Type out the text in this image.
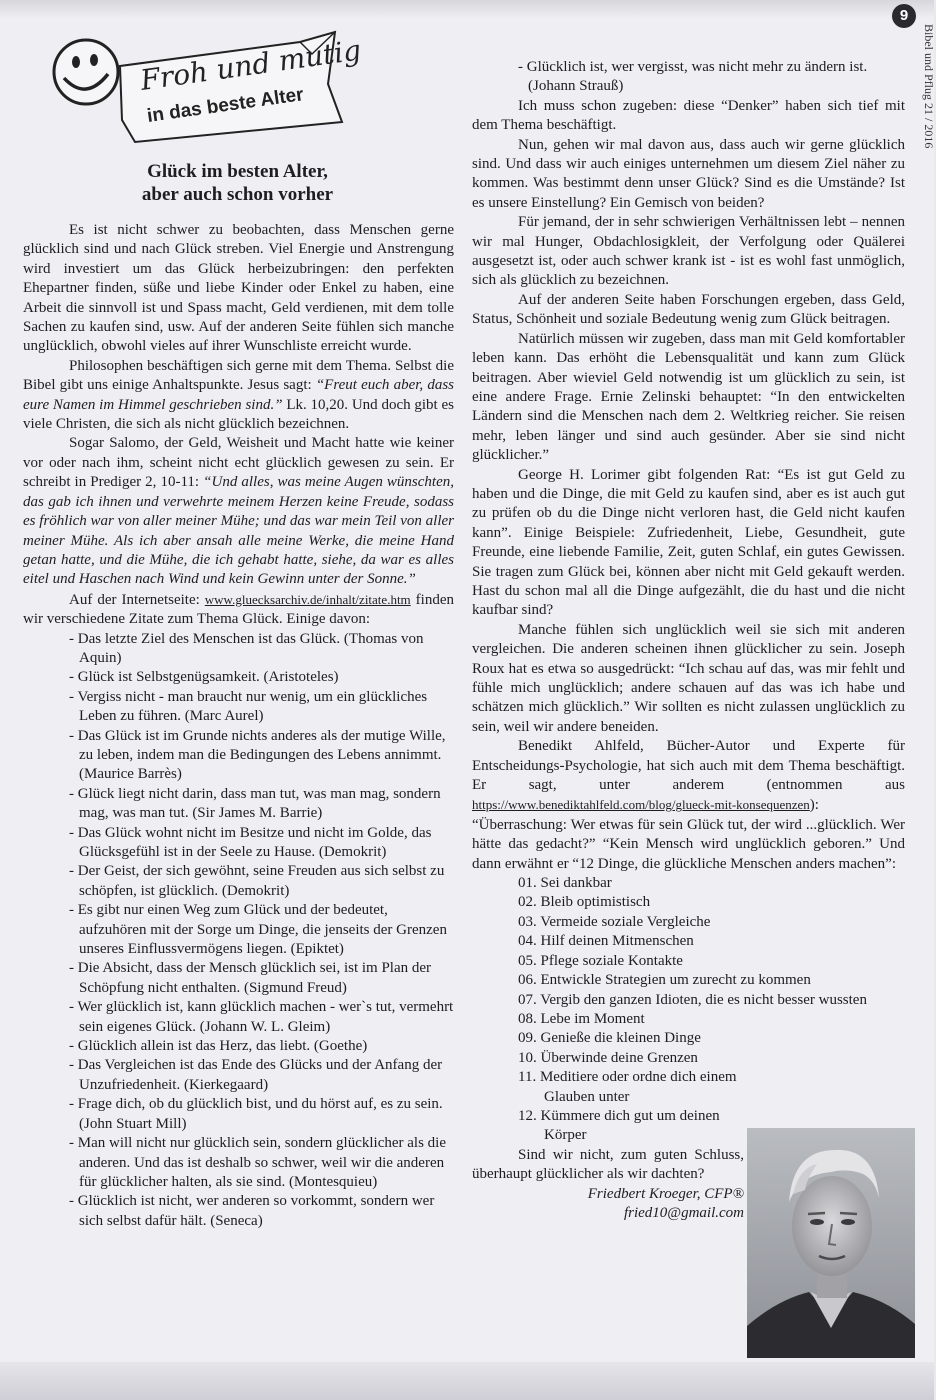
9
Bibel und Pflug 21 / 2016
Froh und mutig
in das beste Alter
Glück im besten Alter,
aber auch schon vorher

Es ist nicht schwer zu beobachten, dass Menschen gerne glücklich sind und nach Glück streben. Viel Energie und Anstrengung wird investiert um das Glück herbeizubringen: den perfekten Ehepartner finden, süße und liebe Kinder oder Enkel zu haben, eine Arbeit die sinnvoll ist und Spass macht, Geld verdienen, mit dem tolle Sachen zu kaufen sind, usw. Auf der anderen Seite fühlen sich manche unglücklich, obwohl vieles auf ihrer Wunschliste erreicht wurde.

Philosophen beschäftigen sich gerne mit dem Thema. Selbst die Bibel gibt uns einige Anhaltspunkte. Jesus sagt: “Freut euch aber, dass eure Namen im Himmel geschrieben sind.” Lk. 10,20. Und doch gibt es viele Christen, die sich als nicht glücklich bezeichnen.

Sogar Salomo, der Geld, Weisheit und Macht hatte wie keiner vor oder nach ihm, scheint nicht echt glücklich gewesen zu sein. Er schreibt in Prediger 2, 10-11: “Und alles, was meine Augen wünschten, das gab ich ihnen und verwehrte meinem Herzen keine Freude, sodass es fröhlich war von aller meiner Mühe; und das war mein Teil von aller meiner Mühe. Als ich aber ansah alle meine Werke, die meine Hand getan hatte, und die Mühe, die ich gehabt hatte, siehe, da war es alles eitel und Haschen nach Wind und kein Gewinn unter der Sonne.”

Auf der Internetseite: www.gluecksarchiv.de/inhalt/zitate.htm finden wir verschiedene Zitate zum Thema Glück. Einige davon:

- Das letzte Ziel des Menschen ist das Glück. (Thomas von Aquin)
- Glück ist Selbstgenügsamkeit. (Aristoteles)
- Vergiss nicht - man braucht nur wenig, um ein glückliches Leben zu führen. (Marc Aurel)
- Das Glück ist im Grunde nichts anderes als der mutige Wille, zu leben, indem man die Bedingungen des Lebens annimmt. (Maurice Barrès)
- Glück liegt nicht darin, dass man tut, was man mag, sondern mag, was man tut. (Sir James M. Barrie)
- Das Glück wohnt nicht im Besitze und nicht im Golde, das Glücksgefühl ist in der Seele zu Hause. (Demokrit)
- Der Geist, der sich gewöhnt, seine Freuden aus sich selbst zu schöpfen, ist glücklich. (Demokrit)
- Es gibt nur einen Weg zum Glück und der bedeutet, aufzuhören mit der Sorge um Dinge, die jenseits der Grenzen unseres Einflussvermögens liegen. (Epiktet)
- Die Absicht, dass der Mensch glücklich sei, ist im Plan der Schöpfung nicht enthalten. (Sigmund Freud)
- Wer glücklich ist, kann glücklich machen - wer`s tut, vermehrt sein eigenes Glück. (Johann W. L. Gleim)
- Glücklich allein ist das Herz, das liebt. (Goethe)
- Das Vergleichen ist das Ende des Glücks und der Anfang der Unzufriedenheit. (Kierkegaard)
- Frage dich, ob du glücklich bist, und du hörst auf, es zu sein. (John Stuart Mill)
- Man will nicht nur glücklich sein, sondern glücklicher als die anderen. Und das ist deshalb so schwer, weil wir die anderen für glücklicher halten, als sie sind. (Montesquieu)
- Glücklich ist nicht, wer anderen so vorkommt, sondern wer sich selbst dafür hält. (Seneca)
- Glücklich ist, wer vergisst, was nicht mehr zu ändern ist. (Johann Strauß)

Ich muss schon zugeben: diese “Denker” haben sich tief mit dem Thema beschäftigt.

Nun, gehen wir mal davon aus, dass auch wir gerne glücklich sind. Und dass wir auch einiges unternehmen um diesem Ziel näher zu kommen. Was bestimmt denn unser Glück? Sind es die Umstände? Ist es unsere Einstellung? Ein Gemisch von beiden?

Für jemand, der in sehr schwierigen Verhältnissen lebt – nennen wir mal Hunger, Obdachlosigkleit, der Verfolgung oder Quälerei ausgesetzt ist, oder auch schwer krank ist - ist es wohl fast unmöglich, sich als glücklich zu bezeichnen.

Auf der anderen Seite haben Forschungen ergeben, dass Geld, Status, Schönheit und soziale Bedeutung wenig zum Glück beitragen.

Natürlich müssen wir zugeben, dass man mit Geld komfortabler leben kann. Das erhöht die Lebensqualität und kann zum Glück beitragen. Aber wieviel Geld notwendig ist um glücklich zu sein, ist eine andere Frage. Ernie Zelinski behauptet: “In den entwickelten Ländern sind die Menschen nach dem 2. Weltkrieg reicher. Sie reisen mehr, leben länger und sind auch gesünder. Aber sie sind nicht glücklicher.”

George H. Lorimer gibt folgenden Rat: “Es ist gut Geld zu haben und die Dinge, die mit Geld zu kaufen sind, aber es ist auch gut zu prüfen ob du die Dinge nicht verloren hast, die Geld nicht kaufen kann”. Einige Beispiele: Zufriedenheit, Liebe, Gesundheit, gute Freunde, eine liebende Familie, Zeit, guten Schlaf, ein gutes Gewissen. Sie tragen zum Glück bei, können aber nicht mit Geld gekauft werden. Hast du schon mal all die Dinge aufgezählt, die du hast und die nicht kaufbar sind?

Manche fühlen sich unglücklich weil sie sich mit anderen vergleichen. Die anderen scheinen ihnen glücklicher zu sein. Joseph Roux hat es etwa so ausgedrückt: “Ich schau auf das, was mir fehlt und fühle mich unglücklich; andere schauen auf das was ich habe und schätzen mich glücklich.” Wir sollten es nicht zulassen unglücklich zu sein, weil wir andere beneiden.

Benedikt Ahlfeld, Bücher-Autor und Experte für Entscheidungs-Psychologie, hat sich auch mit dem Thema beschäftigt. Er sagt, unter anderem (entnommen aus https://www.benediktahlfeld.com/blog/glueck-mit-konsequenzen): “Überraschung: Wer etwas für sein Glück tut, der wird ...glücklich. Wer hätte das gedacht?” “Kein Mensch wird unglücklich geboren.” Und dann erwähnt er “12 Dinge, die glückliche Menschen anders machen”:

01. Sei dankbar
02. Bleib optimistisch
03. Vermeide soziale Vergleiche
04. Hilf deinen Mitmenschen
05. Pflege soziale Kontakte
06. Entwickle Strategien um zurecht zu kommen
07. Vergib den ganzen Idioten, die es nicht besser wussten
08. Lebe im Moment
09. Genieße die kleinen Dinge
10. Überwinde deine Grenzen
11. Meditiere oder ordne dich einem Glauben unter
12. Kümmere dich gut um deinen Körper

Sind wir nicht, zum guten Schluss, überhaupt glücklicher als wir dachten?

Friedbert Kroeger, CFP®

fried10@gmail.com
